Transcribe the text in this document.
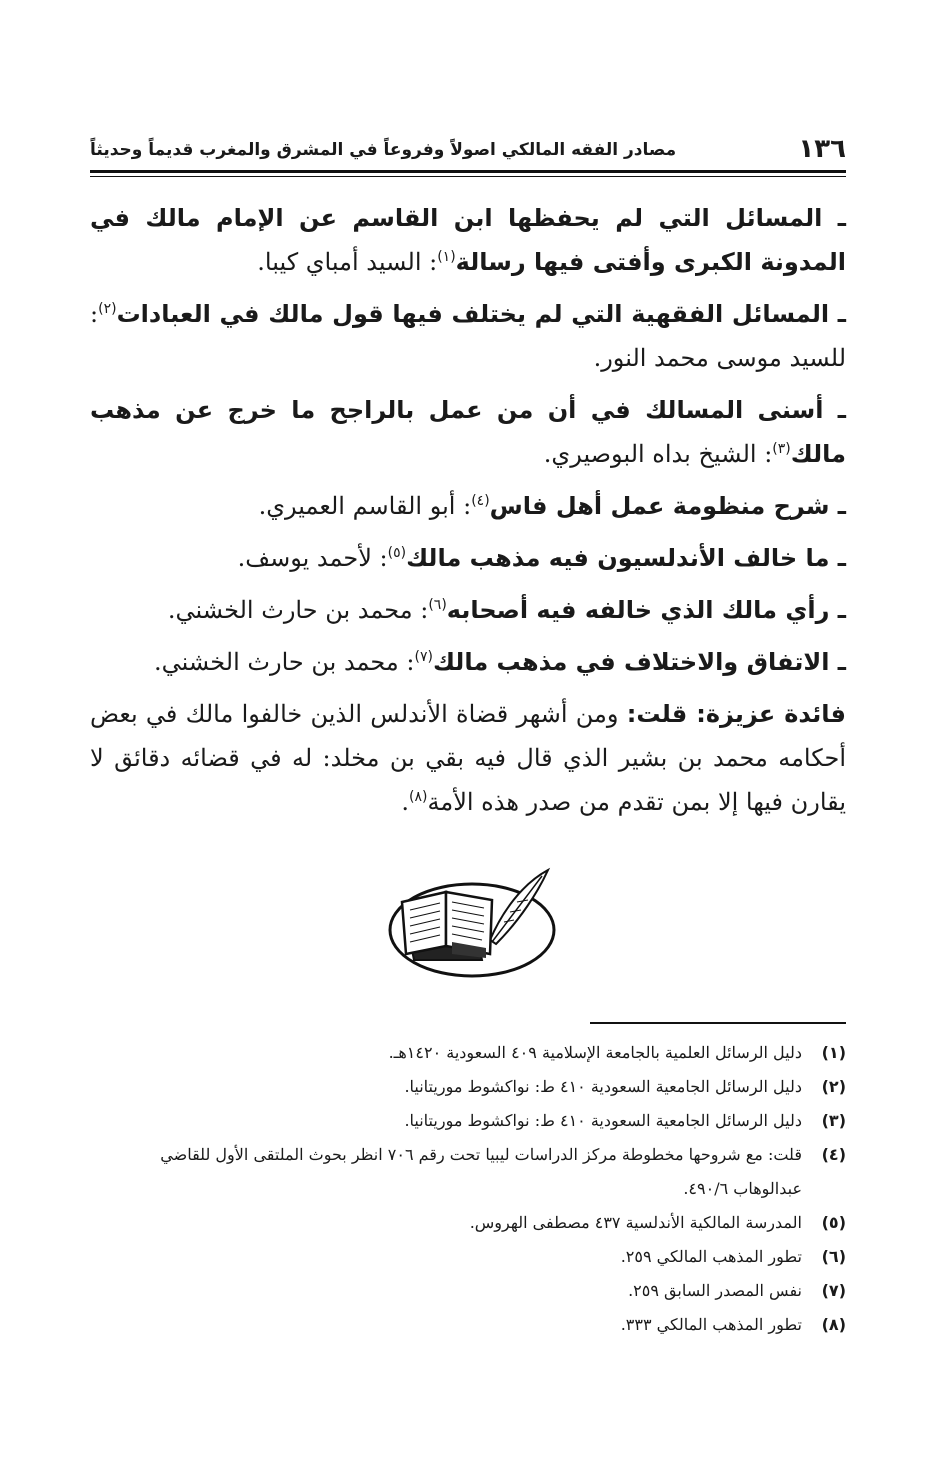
١٣٦
مصادر الفقه المالكي اصولاً وفروعاً في المشرق والمغرب قديماً وحديثاً

ـ المسائل التي لم يحفظها ابن القاسم عن الإمام مالك في المدونة الكبرى وأفتى فيها رسالة$^{(١)}$: السيد أمباي كيبا.

ـ المسائل الفقهية التي لم يختلف فيها قول مالك في العبادات$^{(٢)}$: للسيد موسى محمد النور.

ـ أسنى المسالك في أن من عمل بالراجح ما خرج عن مذهب مالك$^{(٣)}$: الشيخ بداه البوصيري.

ـ شرح منظومة عمل أهل فاس$^{(٤)}$: أبو القاسم العميري.

ـ ما خالف الأندلسيون فيه مذهب مالك$^{(٥)}$: لأحمد يوسف.

ـ رأي مالك الذي خالفه فيه أصحابه$^{(٦)}$: محمد بن حارث الخشني.

ـ الاتفاق والاختلاف في مذهب مالك$^{(٧)}$: محمد بن حارث الخشني.

فائدة عزيزة: قلت: ومن أشهر قضاة الأندلس الذين خالفوا مالك في بعض أحكامه محمد بن بشير الذي قال فيه بقي بن مخلد: له في قضائه دقائق لا يقارن فيها إلا بمن تقدم من صدر هذه الأمة$^{(٨)}$.

(١)
دليل الرسائل العلمية بالجامعة الإسلامية ٤٠٩ السعودية ١٤٢٠هـ.
(٢)
دليل الرسائل الجامعية السعودية ٤١٠ ط: نواكشوط موريتانيا.
(٣)
دليل الرسائل الجامعية السعودية ٤١٠ ط: نواكشوط موريتانيا.
(٤)
قلت: مع شروحها مخطوطة مركز الدراسات ليبيا تحت رقم ٧٠٦ انظر بحوث الملتقى الأول للقاضي عبدالوهاب ٤٩٠/٦.
(٥)
المدرسة المالكية الأندلسية ٤٣٧ مصطفى الهروس.
(٦)
تطور المذهب المالكي ٢٥٩.
(٧)
نفس المصدر السابق ٢٥٩.
(٨)
تطور المذهب المالكي ٣٣٣.
